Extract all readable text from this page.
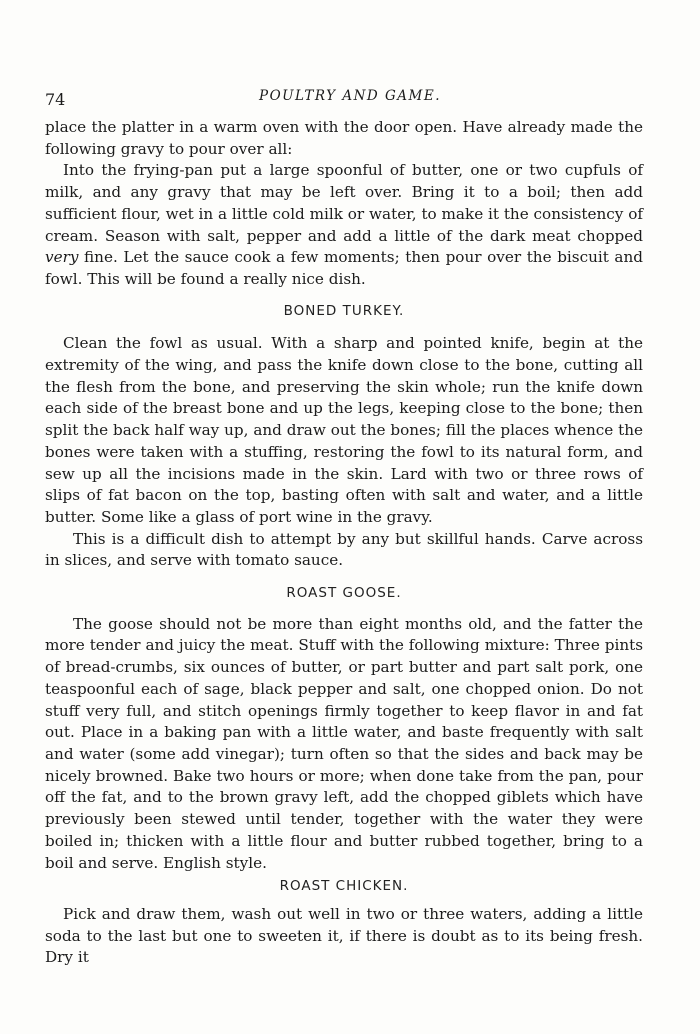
74	POULTRY AND GAME.

place the platter in a warm oven with the door open. Have already made the following gravy to pour over all:

Into the frying-pan put a large spoonful of butter, one or two cupfuls of milk, and any gravy that may be left over. Bring it to a boil; then add sufficient flour, wet in a little cold milk or water, to make it the consistency of cream. Season with salt, pepper and add a little of the dark meat chopped very fine. Let the sauce cook a few moments; then pour over the biscuit and fowl. This will be found a really nice dish.

BONED TURKEY.

Clean the fowl as usual. With a sharp and pointed knife, begin at the extremity of the wing, and pass the knife down close to the bone, cutting all the flesh from the bone, and preserving the skin whole; run the knife down each side of the breast bone and up the legs, keeping close to the bone; then split the back half way up, and draw out the bones; fill the places whence the bones were taken with a stuffing, restoring the fowl to its natural form, and sew up all the incisions made in the skin. Lard with two or three rows of slips of fat bacon on the top, basting often with salt and water, and a little butter. Some like a glass of port wine in the gravy.

This is a difficult dish to attempt by any but skillful hands. Carve across in slices, and serve with tomato sauce.

ROAST GOOSE.

The goose should not be more than eight months old, and the fatter the more tender and juicy the meat. Stuff with the following mixture: Three pints of bread-crumbs, six ounces of butter, or part butter and part salt pork, one teaspoonful each of sage, black pepper and salt, one chopped onion. Do not stuff very full, and stitch openings firmly together to keep flavor in and fat out. Place in a baking pan with a little water, and baste frequently with salt and water (some add vinegar); turn often so that the sides and back may be nicely browned. Bake two hours or more; when done take from the pan, pour off the fat, and to the brown gravy left, add the chopped giblets which have previously been stewed until tender, together with the water they were boiled in; thicken with a little flour and butter rubbed together, bring to a boil and serve. English style.

ROAST CHICKEN.

Pick and draw them, wash out well in two or three waters, adding a little soda to the last but one to sweeten it, if there is doubt as to its being fresh. Dry it
